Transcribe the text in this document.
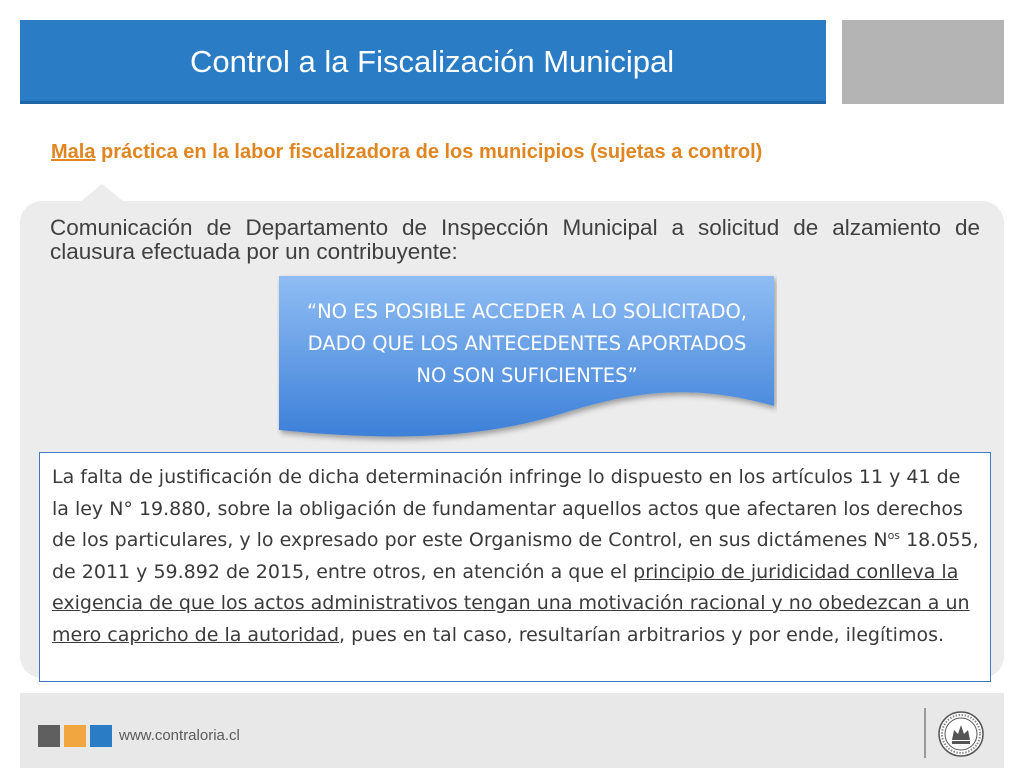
Control a la Fiscalización Municipal
Mala práctica en la labor fiscalizadora de los municipios (sujetas a control)
Comunicación de Departamento de Inspección Municipal a solicitud de alzamiento de clausura efectuada por un contribuyente:
“NO ES POSIBLE ACCEDER A LO SOLICITADO,
DADO QUE LOS ANTECEDENTES APORTADOS
NO SON SUFICIENTES”
La falta de justificación de dicha determinación infringe lo dispuesto en los artículos 11 y 41 de la ley N° 19.880, sobre la obligación de fundamentar aquellos actos que afectaren los derechos de los particulares, y lo expresado por este Organismo de Control, en sus dictámenes $N^{os}$ 18.055, de 2011 y 59.892 de 2015, entre otros, en atención a que el principio de juridicidad conlleva la exigencia de que los actos administrativos tengan una motivación racional y no obedezcan a un mero capricho de la autoridad, pues en tal caso, resultarían arbitrarios y por ende, ilegítimos.
www.contraloria.cl
